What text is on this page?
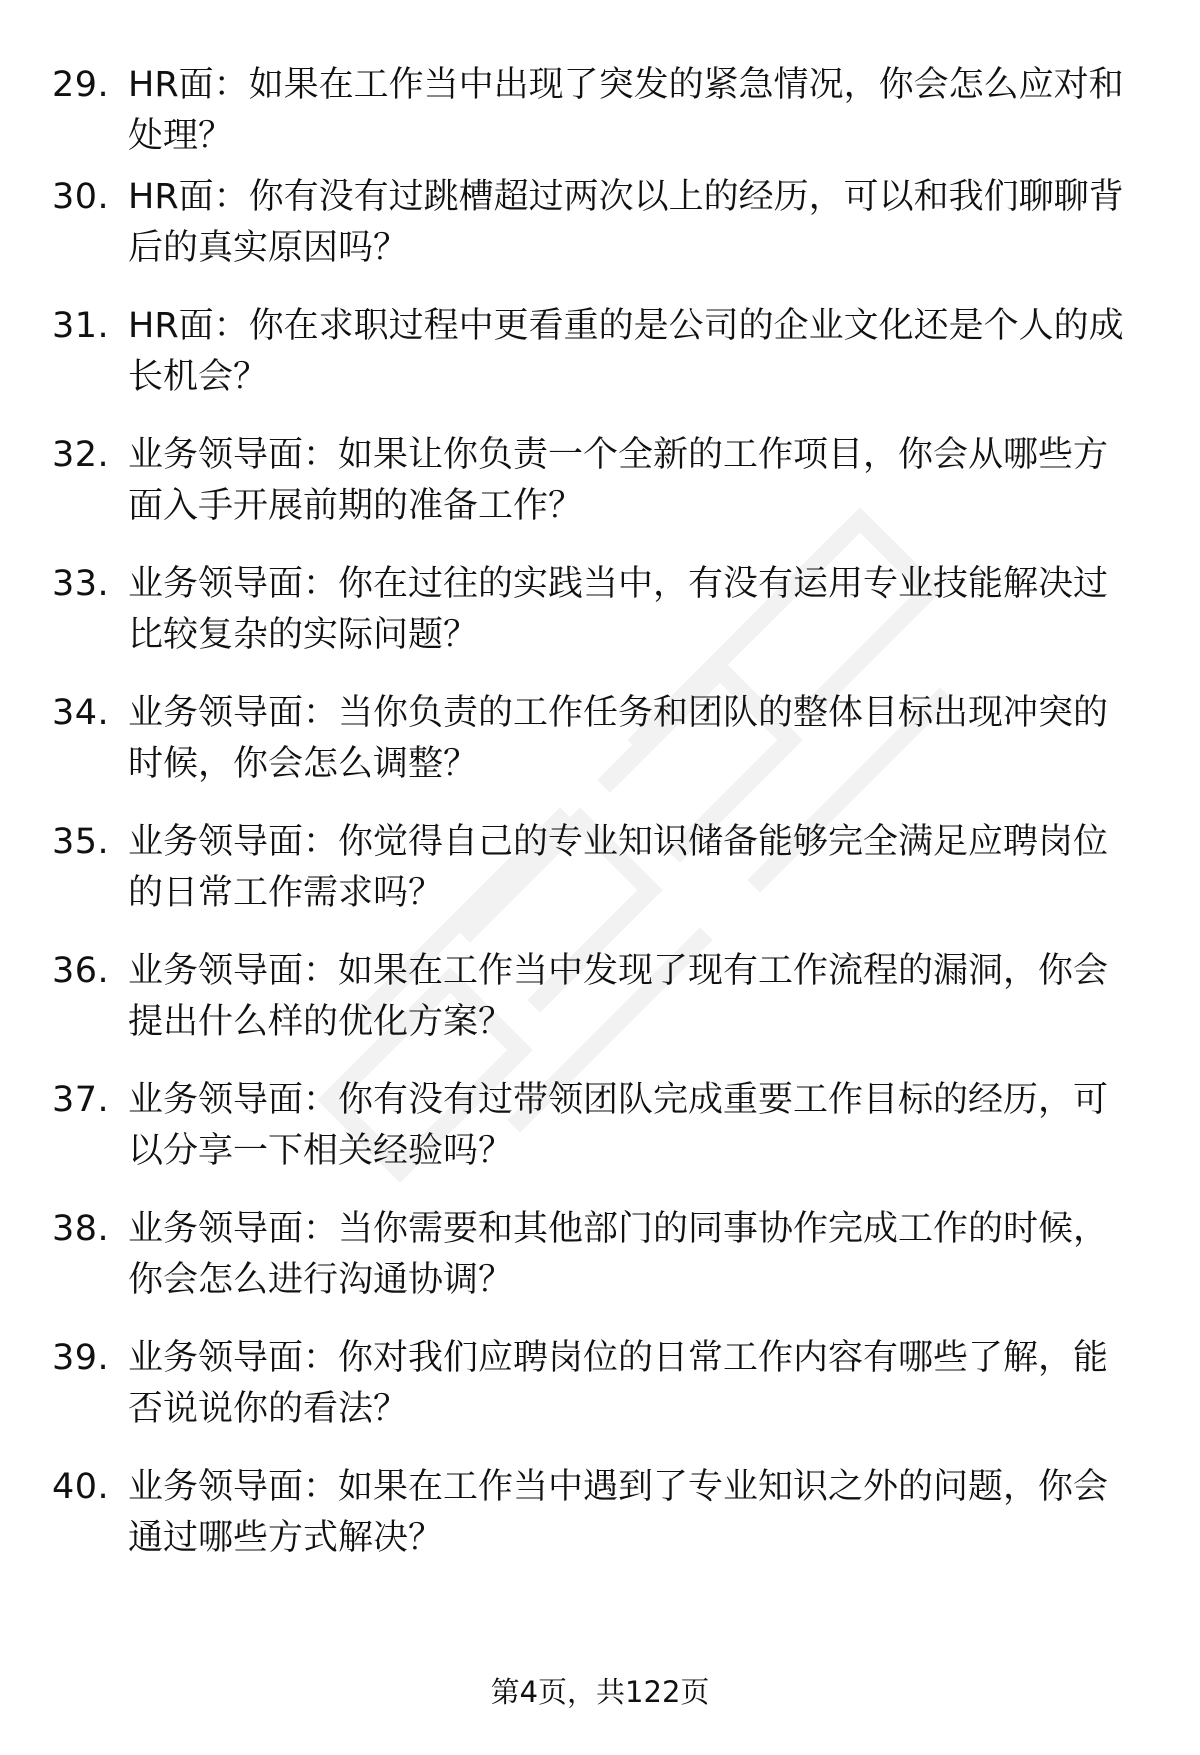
29. HR面：如果在工作当中出现了突发的紧急情况，你会怎么应对和
处理？
30. HR面：你有没有过跳槽超过两次以上的经历，可以和我们聊聊背
后的真实原因吗？
31. HR面：你在求职过程中更看重的是公司的企业文化还是个人的成
长机会？
32. 业务领导面：如果让你负责一个全新的工作项目，你会从哪些方
面入手开展前期的准备工作？
33. 业务领导面：你在过往的实践当中，有没有运用专业技能解决过
比较复杂的实际问题？
34. 业务领导面：当你负责的工作任务和团队的整体目标出现冲突的
时候，你会怎么调整？
35. 业务领导面：你觉得自己的专业知识储备能够完全满足应聘岗位
的日常工作需求吗？
36. 业务领导面：如果在工作当中发现了现有工作流程的漏洞，你会
提出什么样的优化方案？
37. 业务领导面：你有没有过带领团队完成重要工作目标的经历，可
以分享一下相关经验吗？
38. 业务领导面：当你需要和其他部门的同事协作完成工作的时候，
你会怎么进行沟通协调？
39. 业务领导面：你对我们应聘岗位的日常工作内容有哪些了解，能
否说说你的看法？
40. 业务领导面：如果在工作当中遇到了专业知识之外的问题，你会
通过哪些方式解决？
第4页，共122页
